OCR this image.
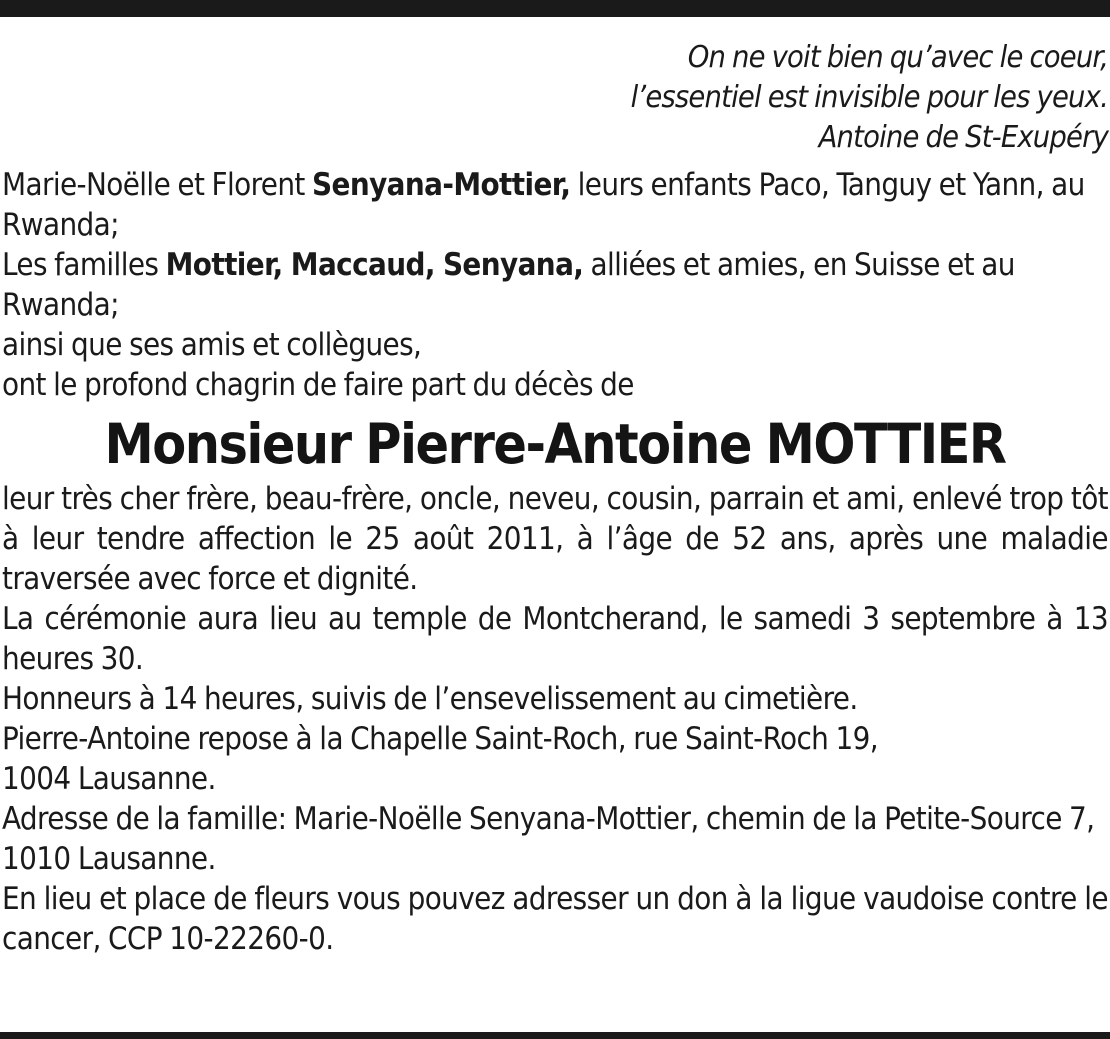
On ne voit bien qu’avec le coeur,
l’essentiel est invisible pour les yeux.
Antoine de St-Exupéry

Marie-Noëlle et Florent Senyana-Mottier, leurs enfants Paco, Tanguy et Yann, au Rwanda;

Les familles Mottier, Maccaud, Senyana, alliées et amies, en Suisse et au Rwanda;

ainsi que ses amis et collègues,

ont le profond chagrin de faire part du décès de

Monsieur Pierre-Antoine MOTTIER

leur très cher frère, beau-frère, oncle, neveu, cousin, parrain et ami, enlevé trop tôt à leur tendre affection le 25 août 2011, à l’âge de 52 ans, après une maladie traversée avec force et dignité.

La cérémonie aura lieu au temple de Montcherand, le samedi 3 septembre à 13 heures 30.

Honneurs à 14 heures, suivis de l’ensevelissement au cimetière.

Pierre-Antoine repose à la Chapelle Saint-Roch, rue Saint-Roch 19,
1004 Lausanne.

Adresse de la famille: Marie-Noëlle Senyana-Mottier, chemin de la Petite-Source 7, 1010 Lausanne.

En lieu et place de fleurs vous pouvez adresser un don à la ligue vaudoise contre le cancer, CCP 10-22260-0.
